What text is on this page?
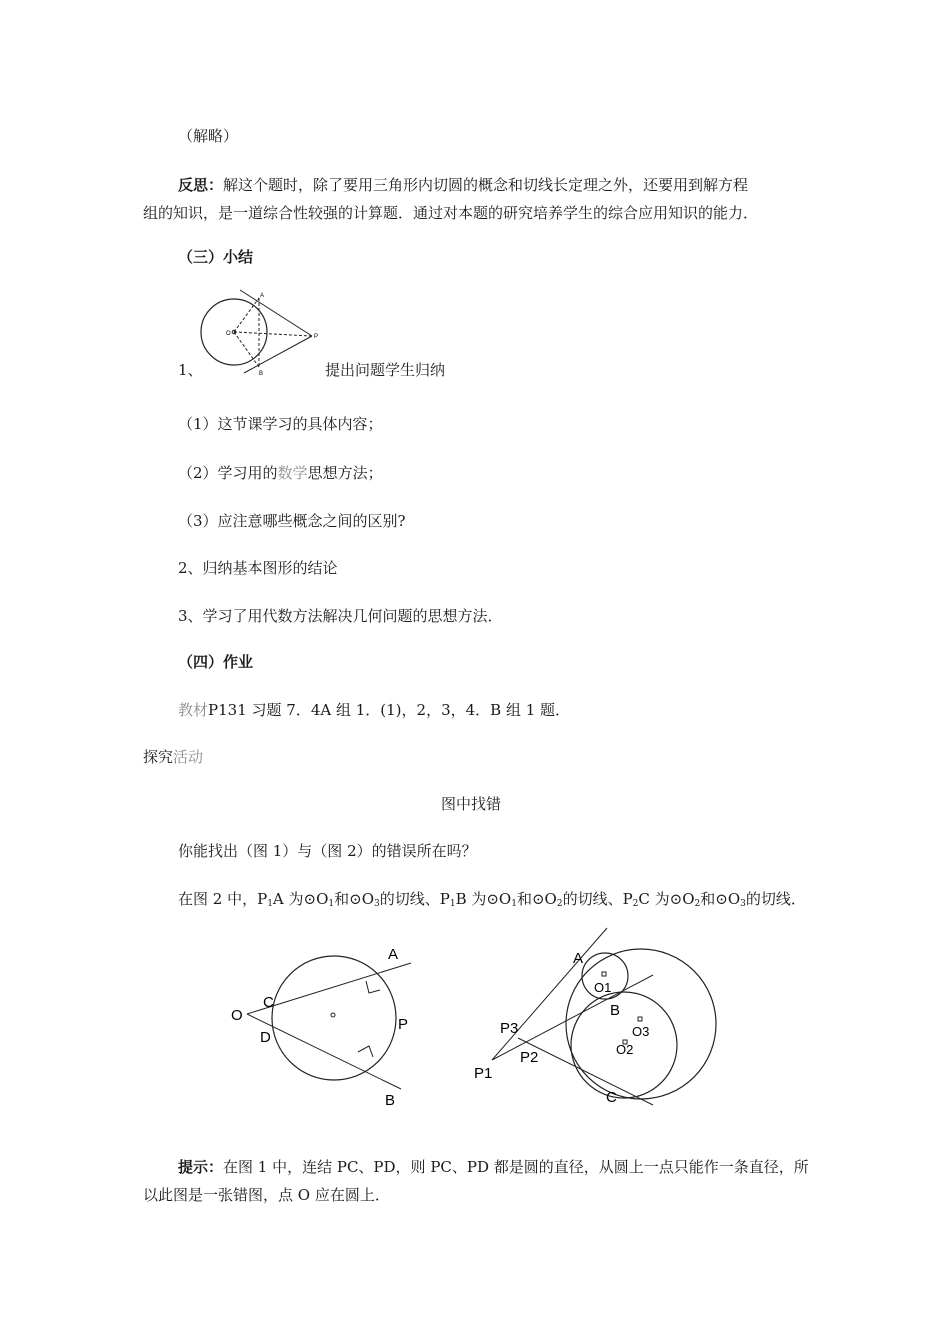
（解略）
反思：解这个题时，除了要用三角形内切圆的概念和切线长定理之外，还要用到解方程
组的知识，是一道综合性较强的计算题．通过对本题的研究培养学生的综合应用知识的能力．
（三）小结
A
B
O	P
1、	提出问题学生归纳
（1）这节课学习的具体内容；
（2）学习用的数学思想方法；
（3）应注意哪些概念之间的区别?
2、归纳基本图形的结论
3、学习了用代数方法解决几何问题的思想方法．
（四）作业
教材P131 习题 7．4A 组 1．(1)，2，3，4．B 组 1 题．
探究活动
图中找错
你能找出（图 1）与（图 2）的错误所在吗？
在图 2 中，P1A 为⊙O1和⊙O3的切线、P1B 为⊙O1和⊙O2的切线、P2C 为⊙O2和⊙O3的切线．
A
C
O
D
P
B
A
O1
B
O3
O2
P3
P2
P1
C
提示：在图 1 中，连结 PC、PD，则 PC、PD 都是圆的直径，从圆上一点只能作一条直径，所
以此图是一张错图，点 O 应在圆上．
